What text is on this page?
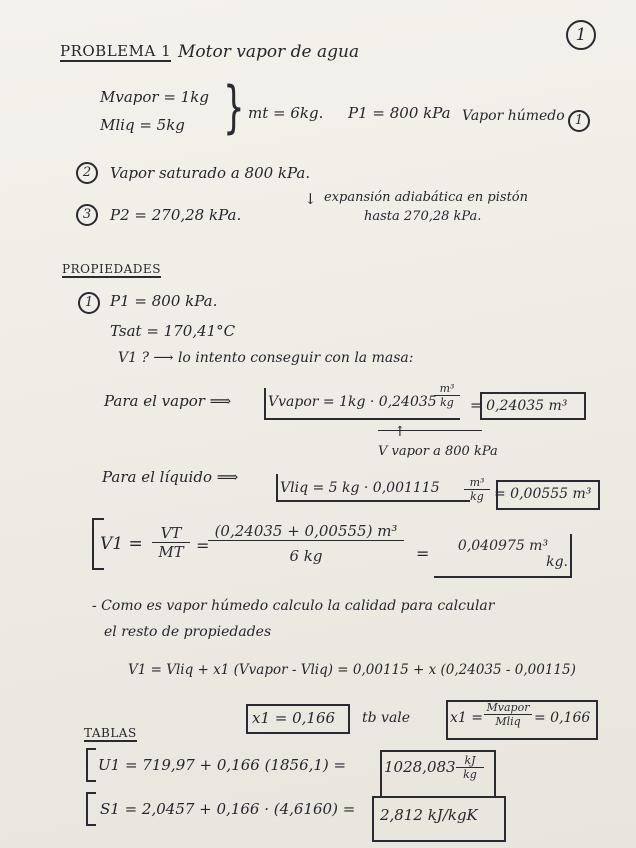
1
PROBLEMA 1 Motor vapor de agua
Mvapor = 1kg
Mliq = 5kg } mt = 6kg. P1 = 800 kPa Vapor húmedo 1
2	Vapor saturado a 800 kPa.
↓ expansión adiabática en pistón
hasta 270,28 kPa.
3	P2 = 270,28 kPa.
PROPIEDADES
1	P1 = 800 kPa.
Tsat = 170,41°C
V1 ? ⟶ lo intento conseguir con la masa:
Para el vapor ⟹	Vvapor = 1kg · 0,24035
$\frac{\text{m³}}{kg} = 0,24035$ m³
↑
V vapor a 800 kPa
Para el líquido ⟹
Vliq = 5 kg · $0,001115 \frac{\text{m³}}{kg} = 0,00555$ m³
$V1 = \frac{VT}{MT}$ =
$\frac{\text{(0,24035 + 0,00555) m³}}{6 kg}$ =	0,040975 m³
kg.
- Como es vapor húmedo calculo la calidad para calcular
el resto de propiedades
V1 = Vliq + x1 (Vvapor - Vliq) = 0,00115 + x (0,24035 - 0,00115)
x1 = 0,166 tb vale	x1 =
Mvapor
Mliq = 0,166
TABLAS
U1 = 719,97 + 0,166 (1856,1) =	$1028,083 \frac{kJ}{kg}$
S1 = 2,0457 + 0,166 · (4,6160) = 2,812 kJ/kgK
